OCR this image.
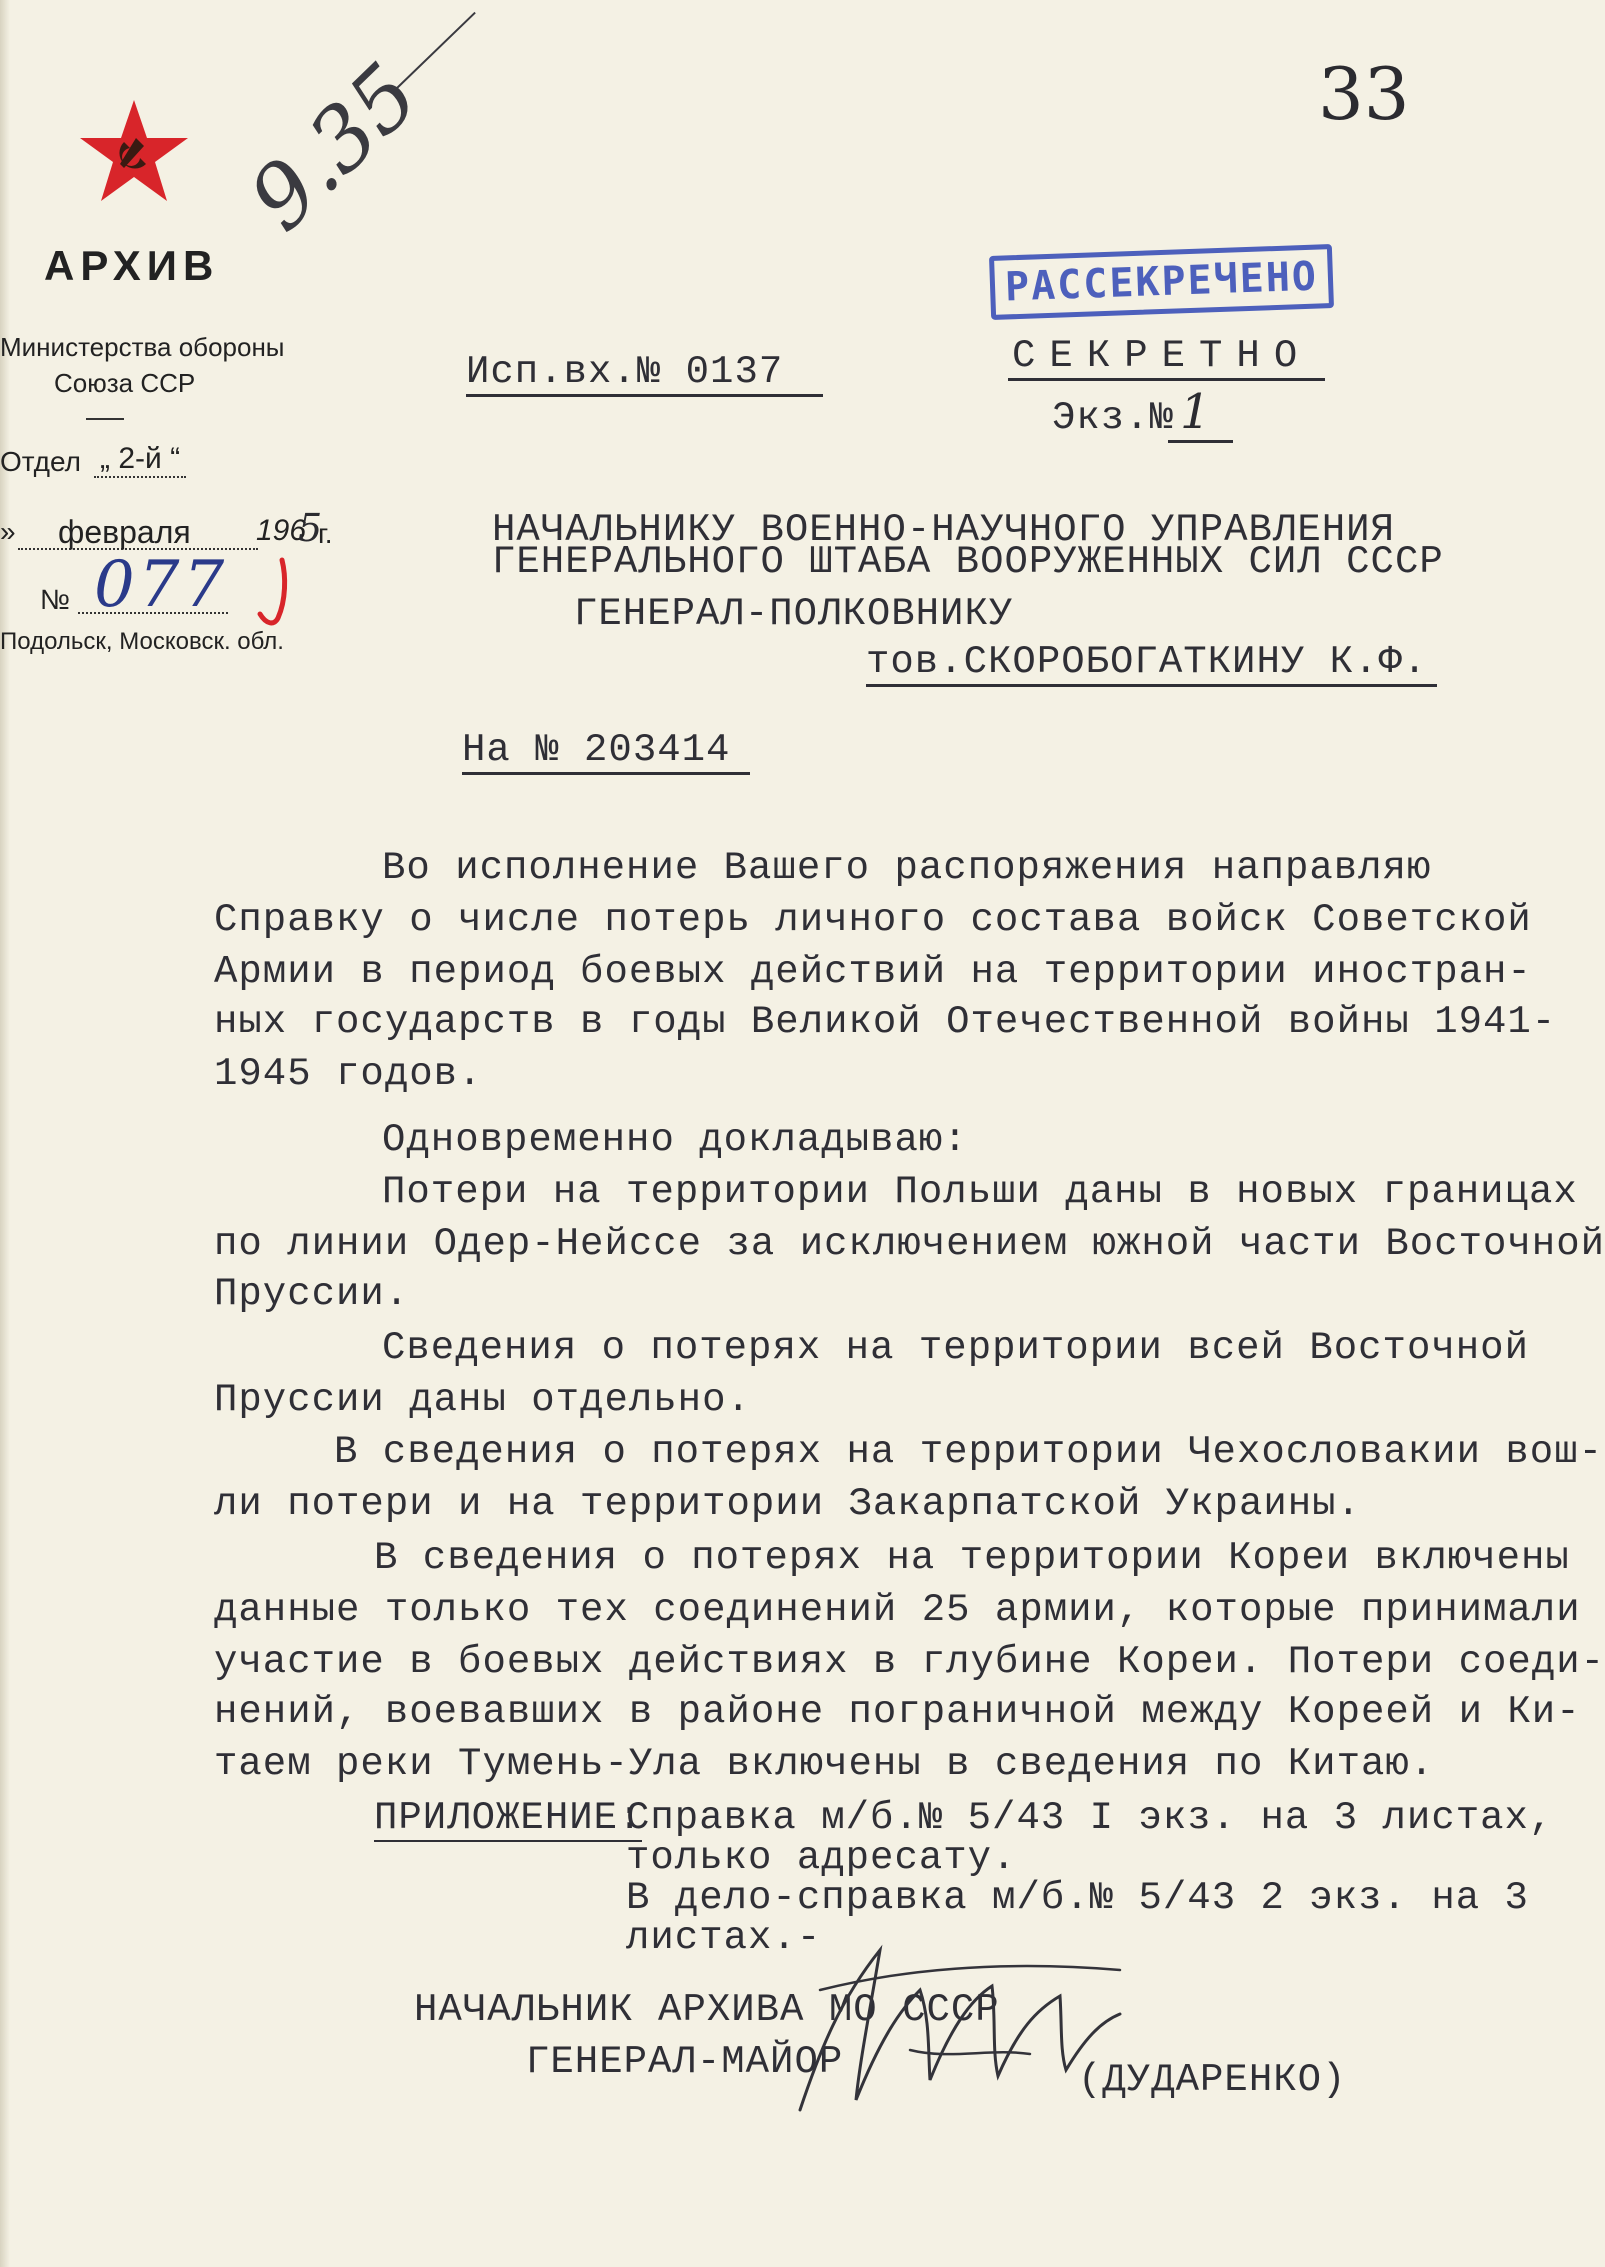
АРХИВ
Министерства обороны
Союза ССР
Отдел „ 2-й “
» февраля 196
5
г.
№ 077
Подольск, Московск. обл.
33
9.35
Исп.вх.№ 0137
РАССЕКРЕЧЕНО
СЕКРЕТНО
Экз.№ 1
НАЧАЛЬНИКУ ВОЕННО-НАУЧНОГО УПРАВЛЕНИЯ
ГЕНЕРАЛЬНОГО ШТАБА ВООРУЖЕННЫХ СИЛ СССР
ГЕНЕРАЛ-ПОЛКОВНИКУ
тов.СКОРОБОГАТКИНУ К.Ф.
На № 203414
Во исполнение Вашего распоряжения направляю
Справку о числе потерь личного состава войск Советской
Армии в период боевых действий на территории иностран-
ных государств в годы Великой Отечественной войны 1941-
1945 годов.
Одновременно докладываю:
Потери на территории Польши даны в новых границах
по линии Одер-Нейссе за исключением южной части Восточной
Пруссии.
Сведения о потерях на территории всей Восточной
Пруссии даны отдельно.
В сведения о потерях на территории Чехословакии вош-
ли потери и на территории Закарпатской Украины.
В сведения о потерях на территории Кореи включены
данные только тех соединений 25 армии, которые принимали
участие в боевых действиях в глубине Кореи. Потери соеди-
нений, воевавших в районе пограничной между Кореей и Ки-
таем реки Тумень-Ула включены в сведения по Китаю.
ПРИЛОЖЕНИЕ:
Справка м/б.№ 5/43 I экз. на 3 листах,
только адресату.
В дело-справка м/б.№ 5/43 2 экз. на 3
листах.-
НАЧАЛЬНИК АРХИВА МО СССР
ГЕНЕРАЛ-МАЙОР	(ДУДАРЕНКО)
